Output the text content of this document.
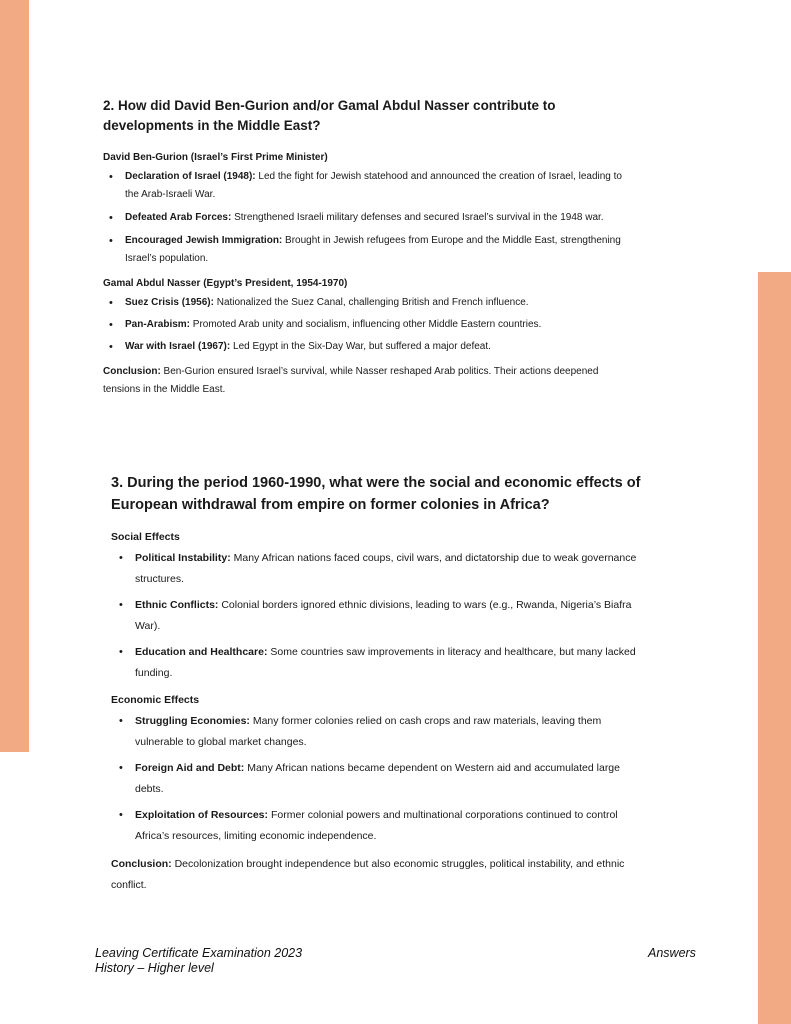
2. How did David Ben-Gurion and/or Gamal Abdul Nasser contribute to developments in the Middle East?

David Ben-Gurion (Israel’s First Prime Minister)

• Declaration of Israel (1948): Led the fight for Jewish statehood and announced the creation of Israel, leading to the Arab-Israeli War.
• Defeated Arab Forces: Strengthened Israeli military defenses and secured Israel’s survival in the 1948 war.
• Encouraged Jewish Immigration: Brought in Jewish refugees from Europe and the Middle East, strengthening Israel’s population.

Gamal Abdul Nasser (Egypt’s President, 1954-1970)

• Suez Crisis (1956): Nationalized the Suez Canal, challenging British and French influence.
• Pan-Arabism: Promoted Arab unity and socialism, influencing other Middle Eastern countries.
• War with Israel (1967): Led Egypt in the Six-Day War, but suffered a major defeat.

Conclusion: Ben-Gurion ensured Israel’s survival, while Nasser reshaped Arab politics. Their actions deepened tensions in the Middle East.

3. During the period 1960-1990, what were the social and economic effects of European withdrawal from empire on former colonies in Africa?

Social Effects

• Political Instability: Many African nations faced coups, civil wars, and dictatorship due to weak governance structures.
• Ethnic Conflicts: Colonial borders ignored ethnic divisions, leading to wars (e.g., Rwanda, Nigeria’s Biafra War).
• Education and Healthcare: Some countries saw improvements in literacy and healthcare, but many lacked funding.

Economic Effects

• Struggling Economies: Many former colonies relied on cash crops and raw materials, leaving them vulnerable to global market changes.
• Foreign Aid and Debt: Many African nations became dependent on Western aid and accumulated large debts.
• Exploitation of Resources: Former colonial powers and multinational corporations continued to control Africa’s resources, limiting economic independence.

Conclusion: Decolonization brought independence but also economic struggles, political instability, and ethnic conflict.

Leaving Certificate Examination 2023
History – Higher level
Answers
